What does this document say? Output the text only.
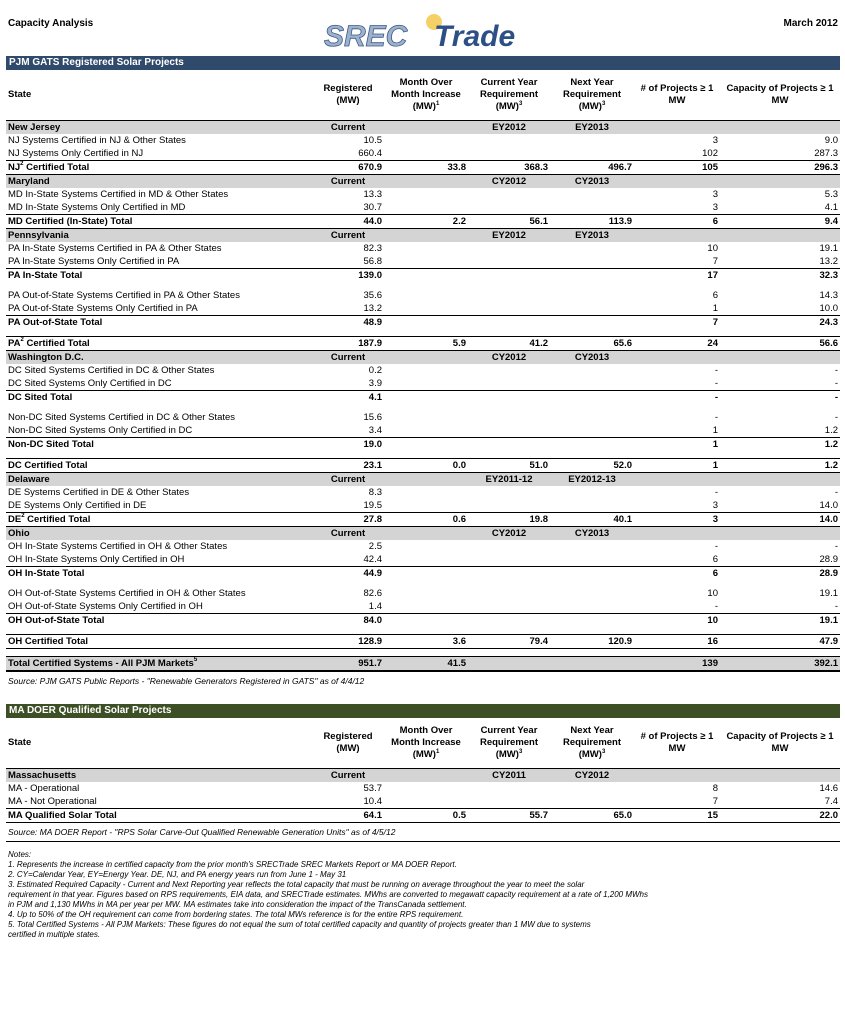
Capacity Analysis	SREC Trade	March 2012
PJM GATS Registered Solar Projects
State	Registered (MW)	Month Over Month Increase (MW)$^1$	Current Year Requirement (MW)$^3$	Next Year Requirement (MW)$^3$	# of Projects ≥ 1 MW	Capacity of Projects ≥ 1 MW
New Jersey	Current		EY2012	EY2013		
NJ Systems Certified in NJ & Other States	10.5				3	9.0
NJ Systems Only Certified in NJ	660.4				102	287.3
$NJ^2$ Certified Total	670.9	33.8	368.3	496.7	105	296.3
Maryland	Current		CY2012	CY2013		
MD In-State Systems Certified in MD & Other States	13.3				3	5.3
MD In-State Systems Only Certified in MD	30.7				3	4.1
MD Certified (In-State) Total	44.0	2.2	56.1	113.9	6	9.4
Pennsylvania	Current		EY2012	EY2013		
PA In-State Systems Certified in PA & Other States	82.3				10	19.1
PA In-State Systems Only Certified in PA	56.8				7	13.2
PA In-State Total	139.0				17	32.3

PA Out-of-State Systems Certified in PA & Other States	35.6				6	14.3
PA Out-of-State Systems Only Certified in PA	13.2				1	10.0
PA Out-of-State Total	48.9				7	24.3

$PA^2$ Certified Total	187.9	5.9	41.2	65.6	24	56.6
Washington D.C.	Current		CY2012	CY2013		
DC Sited Systems Certified in DC & Other States	0.2				-	-
DC Sited Systems Only Certified in DC	3.9				-	-
DC Sited Total	4.1				-	-

Non-DC Sited Systems Certified in DC & Other States	15.6				-	-
Non-DC Sited Systems Only Certified in DC	3.4				1	1.2
Non-DC Sited Total	19.0				1	1.2

DC Certified Total	23.1	0.0	51.0	52.0	1	1.2
Delaware	Current		EY2011-12	EY2012-13		
DE Systems Certified in DE & Other States	8.3				-	-
DE Systems Only Certified in DE	19.5				3	14.0
$DE^2$ Certified Total	27.8	0.6	19.8	40.1	3	14.0
Ohio	Current		CY2012	CY2013		
OH In-State Systems Certified in OH & Other States	2.5				-	-
OH In-State Systems Only Certified in OH	42.4				6	28.9
OH In-State Total	44.9				6	28.9

OH Out-of-State Systems Certified in OH & Other States	82.6				10	19.1
OH Out-of-State Systems Only Certified in OH	1.4				-	-
OH Out-of-State Total	84.0				10	19.1

OH Certified Total	128.9	3.6	79.4	120.9	16	47.9

Total Certified Systems - All PJM Markets$^5$	951.7	41.5			139	392.1
Source: PJM GATS Public Reports - "Renewable Generators Registered in GATS" as of 4/4/12
MA DOER Qualified Solar Projects
State	Registered (MW)	Month Over Month Increase (MW)$^1$	Current Year Requirement (MW)$^3$	Next Year Requirement (MW)$^3$	# of Projects ≥ 1 MW	Capacity of Projects ≥ 1 MW
Massachusetts	Current		CY2011	CY2012		
MA - Operational	53.7				8	14.6
MA - Not Operational	10.4				7	7.4
MA Qualified Solar Total	64.1	0.5	55.7	65.0	15	22.0
Source: MA DOER Report - "RPS Solar Carve-Out Qualified Renewable Generation Units" as of 4/5/12
Notes:
1. Represents the increase in certified capacity from the prior month's SRECTrade SREC Markets Report or MA DOER Report.
2. CY=Calendar Year, EY=Energy Year. DE, NJ, and PA energy years run from June 1 - May 31
3. Estimated Required Capacity - Current and Next Reporting year reflects the total capacity that must be running on average throughout the year to meet the solar
requirement in that year. Figures based on RPS requirements, EIA data, and SRECTrade estimates. MWhs are converted to megawatt capacity requirement at a rate of 1,200 MWhs
in PJM and 1,130 MWhs in MA per year per MW. MA estimates take into consideration the impact of the TransCanada settlement.
4. Up to 50% of the OH requirement can come from bordering states. The total MWs reference is for the entire RPS requirement.
5. Total Certified Systems - All PJM Markets: These figures do not equal the sum of total certified capacity and quantity of projects greater than 1 MW due to systems
certified in multiple states.
